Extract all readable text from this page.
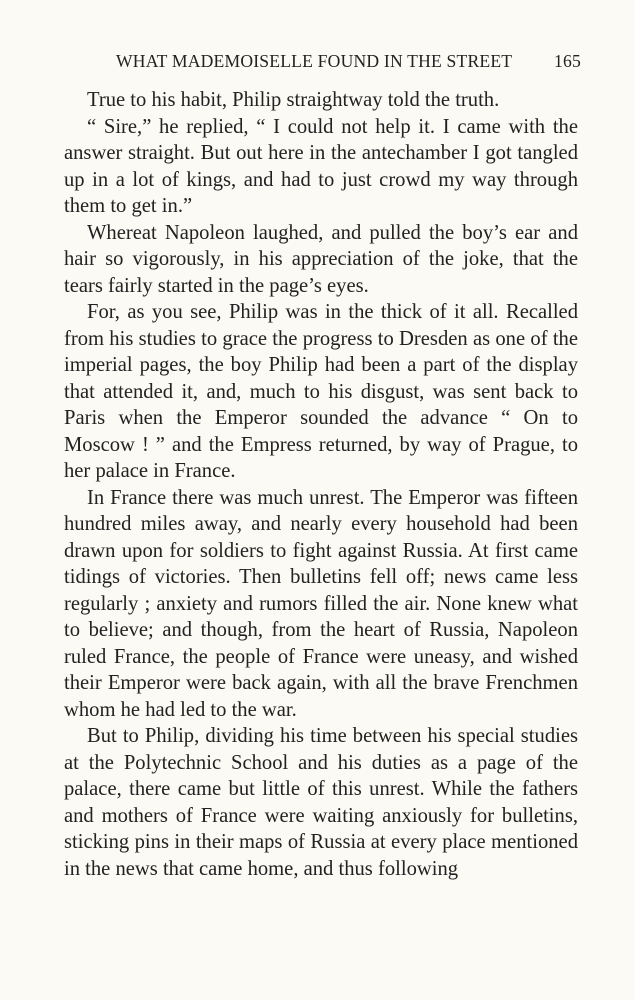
WHAT MADEMOISELLE FOUND IN THE STREET 165

True to his habit, Philip straightway told the truth.

“ Sire,” he replied, “ I could not help it. I came with the answer straight. But out here in the antechamber I got tangled up in a lot of kings, and had to just crowd my way through them to get in.”

Whereat Napoleon laughed, and pulled the boy’s ear and hair so vigorously, in his appreciation of the joke, that the tears fairly started in the page’s eyes.

For, as you see, Philip was in the thick of it all. Recalled from his studies to grace the progress to Dresden as one of the imperial pages, the boy Philip had been a part of the display that attended it, and, much to his disgust, was sent back to Paris when the Emperor sounded the advance “ On to Moscow ! ” and the Empress returned, by way of Prague, to her palace in France.

In France there was much unrest. The Emperor was fifteen hundred miles away, and nearly every household had been drawn upon for soldiers to fight against Russia. At first came tidings of victories. Then bulletins fell off; news came less regularly ; anxiety and rumors filled the air. None knew what to believe; and though, from the heart of Russia, Napoleon ruled France, the people of France were uneasy, and wished their Emperor were back again, with all the brave Frenchmen whom he had led to the war.

But to Philip, dividing his time between his special studies at the Polytechnic School and his duties as a page of the palace, there came but little of this unrest. While the fathers and mothers of France were waiting anxiously for bulletins, sticking pins in their maps of Russia at every place mentioned in the news that came home, and thus following
